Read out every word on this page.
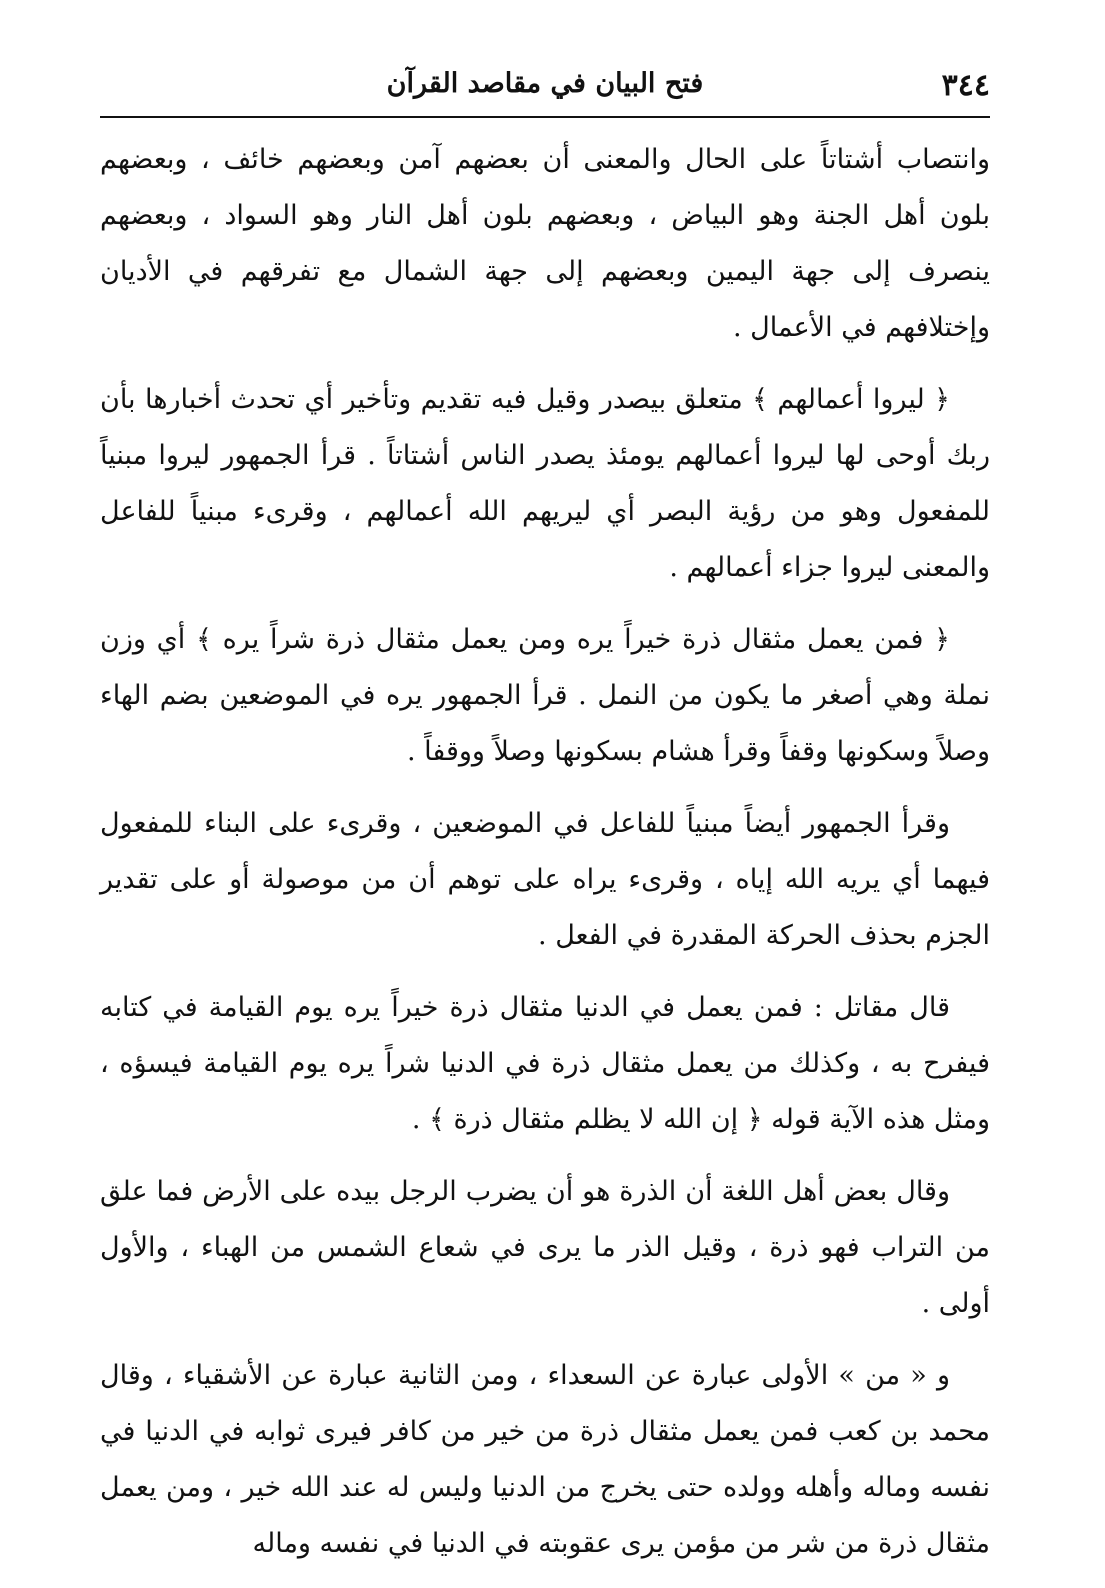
٣٤٤
فتح البيان في مقاصد القرآن

وانتصاب أشتاتاً على الحال والمعنى أن بعضهم آمن وبعضهم خائف ، وبعضهم بلون أهل الجنة وهو البياض ، وبعضهم بلون أهل النار وهو السواد ، وبعضهم ينصرف إلى جهة اليمين وبعضهم إلى جهة الشمال مع تفرقهم في الأديان وإختلافهم في الأعمال .

﴿ ليروا أعمالهم ﴾ متعلق بيصدر وقيل فيه تقديم وتأخير أي تحدث أخبارها بأن ربك أوحى لها ليروا أعمالهم يومئذ يصدر الناس أشتاتاً . قرأ الجمهور ليروا مبنياً للمفعول وهو من رؤية البصر أي ليريهم الله أعمالهم ، وقرىء مبنياً للفاعل والمعنى ليروا جزاء أعمالهم .

﴿ فمن يعمل مثقال ذرة خيراً يره ومن يعمل مثقال ذرة شراً يره ﴾ أي وزن نملة وهي أصغر ما يكون من النمل . قرأ الجمهور يره في الموضعين بضم الهاء وصلاً وسكونها وقفاً وقرأ هشام بسكونها وصلاً ووقفاً .

وقرأ الجمهور أيضاً مبنياً للفاعل في الموضعين ، وقرىء على البناء للمفعول فيهما أي يريه الله إياه ، وقرىء يراه على توهم أن من موصولة أو على تقدير الجزم بحذف الحركة المقدرة في الفعل .

قال مقاتل : فمن يعمل في الدنيا مثقال ذرة خيراً يره يوم القيامة في كتابه فيفرح به ، وكذلك من يعمل مثقال ذرة في الدنيا شراً يره يوم القيامة فيسؤه ، ومثل هذه الآية قوله ﴿ إن الله لا يظلم مثقال ذرة ﴾ .

وقال بعض أهل اللغة أن الذرة هو أن يضرب الرجل بيده على الأرض فما علق من التراب فهو ذرة ، وقيل الذر ما يرى في شعاع الشمس من الهباء ، والأول أولى .

و « من » الأولى عبارة عن السعداء ، ومن الثانية عبارة عن الأشقياء ، وقال محمد بن كعب فمن يعمل مثقال ذرة من خير من كافر فيرى ثوابه في الدنيا في نفسه وماله وأهله وولده حتى يخرج من الدنيا وليس له عند الله خير ، ومن يعمل مثقال ذرة من شر من مؤمن يرى عقوبته في الدنيا في نفسه وماله
